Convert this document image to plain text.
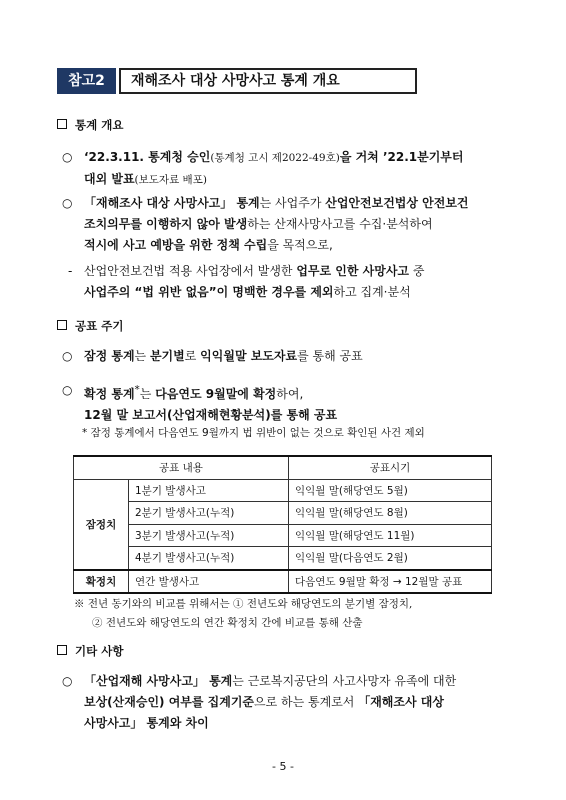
참고2	재해조사 대상 사망사고 통계 개요
통계 개요
○ ‘22.3.11. 통계청 승인(통계청 고시 제2022-49호)을 거쳐 ’22.1분기부터
대외 발표(보도자료 배포)
○ 「재해조사 대상 사망사고」 통계는 사업주가 산업안전보건법상 안전보건
조치의무를 이행하지 않아 발생하는 산재사망사고를 수집·분석하여
적시에 사고 예방을 위한 정책 수립을 목적으로,
- 산업안전보건법 적용 사업장에서 발생한 업무로 인한 사망사고 중
사업주의 “법 위반 없음”이 명백한 경우를 제외하고 집계·분석
공표 주기
○ 잠정 통계는 분기별로 익익월말 보도자료를 통해 공표
○ 확정 통계*는 다음연도 9월말에 확정하여,
12월 말 보고서(산업재해현황분석)를 통해 공표
* 잠정 통계에서 다음연도 9월까지 법 위반이 없는 것으로 확인된 사건 제외
공표 내용		공표시기
잠정치	1분기 발생사고	익익월 말(해당연도 5월)
	2분기 발생사고(누적)	익익월 말(해당연도 8월)
	3분기 발생사고(누적)	익익월 말(해당연도 11월)
	4분기 발생사고(누적)	익익월 말(다음연도 2월)
확정치	연간 발생사고	다음연도 9월말 확정 → 12월말 공표
※ 전년 동기와의 비교를 위해서는 ① 전년도와 해당연도의 분기별 잠정치,
② 전년도와 해당연도의 연간 확정치 간에 비교를 통해 산출
기타 사항
○ 「산업재해 사망사고」 통계는 근로복지공단의 사고사망자 유족에 대한
보상(산재승인) 여부를 집계기준으로 하는 통계로서 「재해조사 대상
사망사고」 통계와 차이
- 5 -
